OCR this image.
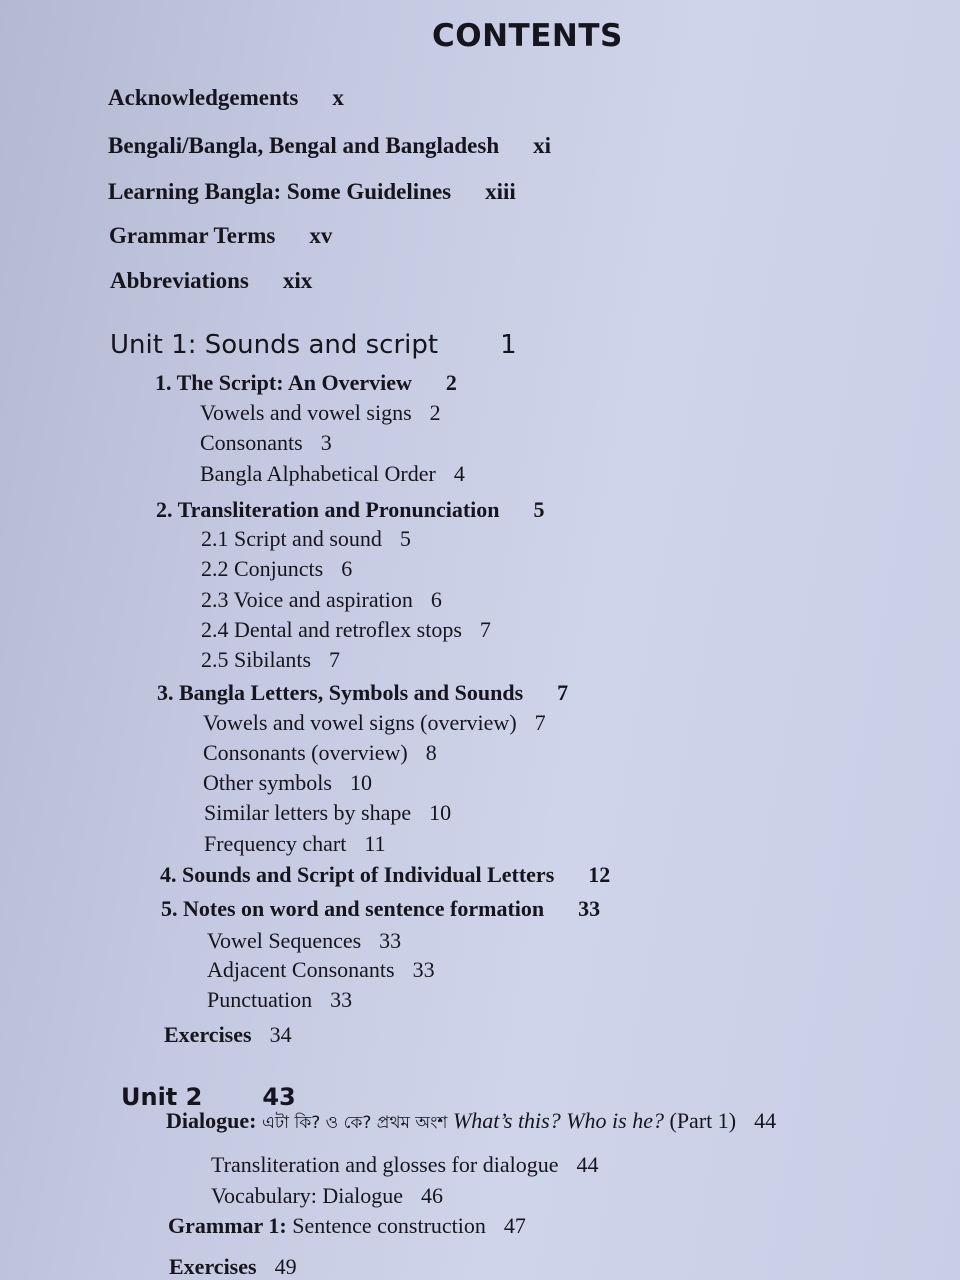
CONTENTS
Acknowledgements x
Bengali/Bangla, Bengal and Bangladesh xi
Learning Bangla: Some Guidelines xiii
Grammar Terms xv
Abbreviations xix
Unit 1: Sounds and script 1
1. The Script: An Overview 2
Vowels and vowel signs 2
Consonants 3
Bangla Alphabetical Order 4
2. Transliteration and Pronunciation 5
2.1 Script and sound 5
2.2 Conjuncts 6
2.3 Voice and aspiration 6
2.4 Dental and retroflex stops 7
2.5 Sibilants 7
3. Bangla Letters, Symbols and Sounds 7
Vowels and vowel signs (overview) 7
Consonants (overview) 8
Other symbols 10
Similar letters by shape 10
Frequency chart 11
4. Sounds and Script of Individual Letters 12
5. Notes on word and sentence formation 33
Vowel Sequences 33
Adjacent Consonants 33
Punctuation 33
Exercises 34
Unit 2	43
Dialogue: এটা কি? ও কে? প্রথম অংশ What’s this? Who is he? (Part 1) 44
Transliteration and glosses for dialogue 44
Vocabulary: Dialogue 46
Grammar 1: Sentence construction 47
Exercises 49
